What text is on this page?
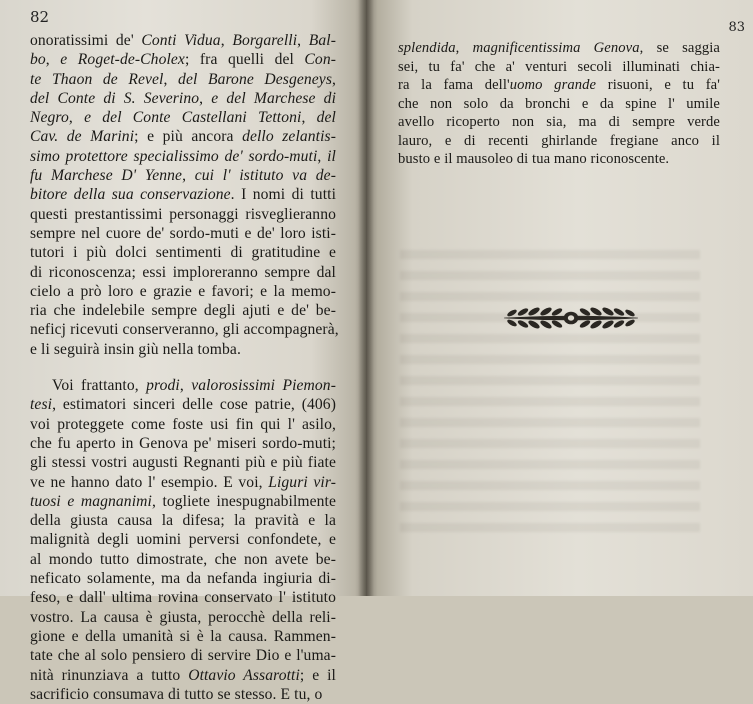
82
onoratissimi de' Conti Vidua, Borgarelli, Bal-
bo, e Roget-de-Cholex; fra quelli del Con-
te Thaon de Revel, del Barone Desgeneys,
del Conte di S. Severino, e del Marchese di
Negro, e del Conte Castellani Tettoni, del
Cav. de Marini; e più ancora dello zelantis-
simo protettore specialissimo de' sordo-muti, il
fu Marchese D' Yenne, cui l' istituto va de-
bitore della sua conservazione. I nomi di tutti
questi prestantissimi personaggi risveglieranno
sempre nel cuore de' sordo-muti e de' loro isti-
tutori i più dolci sentimenti di gratitudine e
di riconoscenza; essi imploreranno sempre dal
cielo a prò loro e grazie e favori; e la memo-
ria che indelebile sempre degli ajuti e de' be-
neficj ricevuti conserveranno, gli accompagnerà,
e li seguirà insin giù nella tomba.
Voi frattanto, prodi, valorosissimi Piemon-
tesi, estimatori sinceri delle cose patrie, (406)
voi proteggete come foste usi fin qui l' asilo,
che fu aperto in Genova pe' miseri sordo-muti;
gli stessi vostri augusti Regnanti più e più fiate
ve ne hanno dato l' esempio. E voi, Liguri vir-
tuosi e magnanimi, togliete inespugnabilmente
della giusta causa la difesa; la pravità e la
malignità degli uomini perversi confondete, e
al mondo tutto dimostrate, che non avete be-
neficato solamente, ma da nefanda ingiuria di-
feso, e dall' ultima rovina conservato l' istituto
vostro. La causa è giusta, perocchè della reli-
gione e della umanità si è la causa. Rammen-
tate che al solo pensiero di servire Dio e l'uma-
nità rinunziava a tutto Ottavio Assarotti; e il
sacrificio consumava di tutto se stesso. E tu, o
83
splendida, magnificentissima Genova, se saggia
sei, tu fa' che a' venturi secoli illuminati chia-
ra la fama dell'uomo grande risuoni, e tu fa'
che non solo da bronchi e da spine l' umile
avello ricoperto non sia, ma di sempre verde
lauro, e di recenti ghirlande fregiane anco il
busto e il mausoleo di tua mano riconoscente.
